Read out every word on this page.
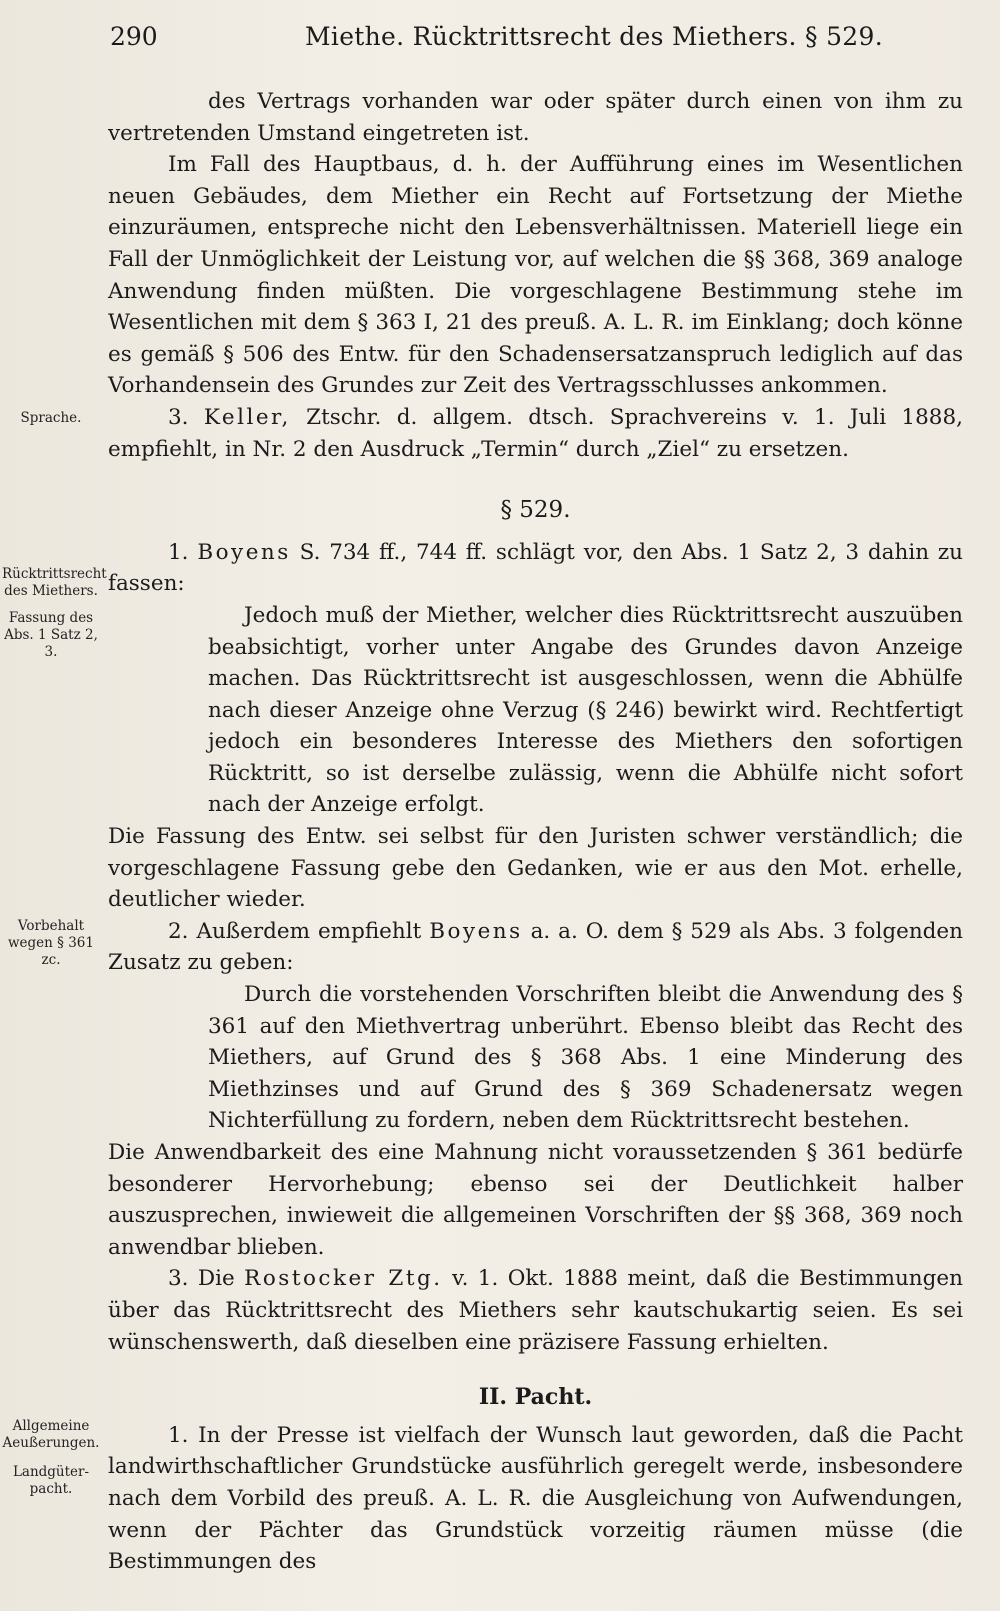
290	Miethe. Rücktrittsrecht des Miethers. § 529.
Sprache.
Rücktrittsrecht des Miethers.
Fassung des Abs. 1 Satz 2, 3.
Vorbehalt wegen § 361 zc.
Allgemeine Aeußerungen.
Landgüter-pacht.

des Vertrags vorhanden war oder später durch einen von ihm zu vertretenden Umstand eingetreten ist.

Im Fall des Hauptbaus, d. h. der Aufführung eines im Wesentlichen neuen Gebäudes, dem Miether ein Recht auf Fortsetzung der Miethe einzuräumen, entspreche nicht den Lebensverhältnissen. Materiell liege ein Fall der Unmöglichkeit der Leistung vor, auf welchen die §§ 368, 369 analoge Anwendung finden müßten. Die vorgeschlagene Bestimmung stehe im Wesentlichen mit dem § 363 I, 21 des preuß. A. L. R. im Einklang; doch könne es gemäß § 506 des Entw. für den Schadensersatzanspruch lediglich auf das Vorhandensein des Grundes zur Zeit des Vertragsschlusses ankommen.

3. Keller, Ztschr. d. allgem. dtsch. Sprachvereins v. 1. Juli 1888, empfiehlt, in Nr. 2 den Ausdruck „Termin“ durch „Ziel“ zu ersetzen.

§ 529.

1. Boyens S. 734 ff., 744 ff. schlägt vor, den Abs. 1 Satz 2, 3 dahin zu fassen:

Jedoch muß der Miether, welcher dies Rücktrittsrecht auszuüben beabsichtigt, vorher unter Angabe des Grundes davon Anzeige machen. Das Rücktrittsrecht ist ausgeschlossen, wenn die Abhülfe nach dieser Anzeige ohne Verzug (§ 246) bewirkt wird. Rechtfertigt jedoch ein besonderes Interesse des Miethers den sofortigen Rücktritt, so ist derselbe zulässig, wenn die Abhülfe nicht sofort nach der Anzeige erfolgt.

Die Fassung des Entw. sei selbst für den Juristen schwer verständlich; die vorgeschlagene Fassung gebe den Gedanken, wie er aus den Mot. erhelle, deutlicher wieder.

2. Außerdem empfiehlt Boyens a. a. O. dem § 529 als Abs. 3 folgenden Zusatz zu geben:

Durch die vorstehenden Vorschriften bleibt die Anwendung des § 361 auf den Miethvertrag unberührt. Ebenso bleibt das Recht des Miethers, auf Grund des § 368 Abs. 1 eine Minderung des Miethzinses und auf Grund des § 369 Schadenersatz wegen Nichterfüllung zu fordern, neben dem Rücktrittsrecht bestehen.

Die Anwendbarkeit des eine Mahnung nicht voraussetzenden § 361 bedürfe besonderer Hervorhebung; ebenso sei der Deutlichkeit halber auszusprechen, inwieweit die allgemeinen Vorschriften der §§ 368, 369 noch anwendbar blieben.

3. Die Rostocker Ztg. v. 1. Okt. 1888 meint, daß die Bestimmungen über das Rücktrittsrecht des Miethers sehr kautschukartig seien. Es sei wünschenswerth, daß dieselben eine präzisere Fassung erhielten.

II. Pacht.

1. In der Presse ist vielfach der Wunsch laut geworden, daß die Pacht landwirthschaftlicher Grundstücke ausführlich geregelt werde, insbesondere nach dem Vorbild des preuß. A. L. R. die Ausgleichung von Aufwendungen, wenn der Pächter das Grundstück vorzeitig räumen müsse (die Bestimmungen des
